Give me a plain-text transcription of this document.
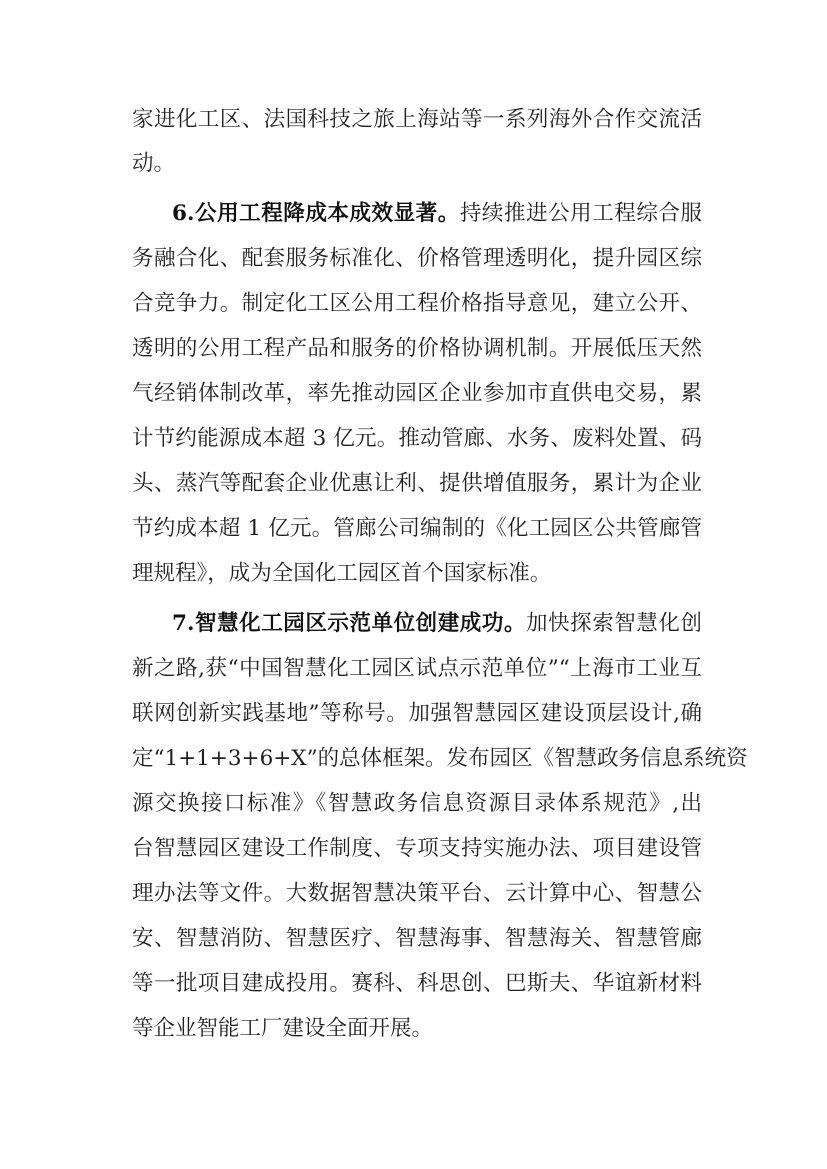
家进化工区、法国科技之旅上海站等一系列海外合作交流活
动。
6.公用工程降成本成效显著。持续推进公用工程综合服
务融合化、配套服务标准化、价格管理透明化，提升园区综
合竞争力。制定化工区公用工程价格指导意见，建立公开、
透明的公用工程产品和服务的价格协调机制。开展低压天然
气经销体制改革，率先推动园区企业参加市直供电交易，累
计节约能源成本超 3 亿元。推动管廊、水务、废料处置、码
头、蒸汽等配套企业优惠让利、提供增值服务，累计为企业
节约成本超 1 亿元。管廊公司编制的《化工园区公共管廊管
理规程》，成为全国化工园区首个国家标准。
7.智慧化工园区示范单位创建成功。加快探索智慧化创
新之路,获“中国智慧化工园区试点示范单位”“上海市工业互
联网创新实践基地”等称号。加强智慧园区建设顶层设计,确
定“1+1+3+6+X”的总体框架。发布园区《智慧政务信息系统资
源交换接口标准》《智慧政务信息资源目录体系规范》,出
台智慧园区建设工作制度、专项支持实施办法、项目建设管
理办法等文件。大数据智慧决策平台、云计算中心、智慧公
安、智慧消防、智慧医疗、智慧海事、智慧海关、智慧管廊
等一批项目建成投用。赛科、科思创、巴斯夫、华谊新材料
等企业智能工厂建设全面开展。
